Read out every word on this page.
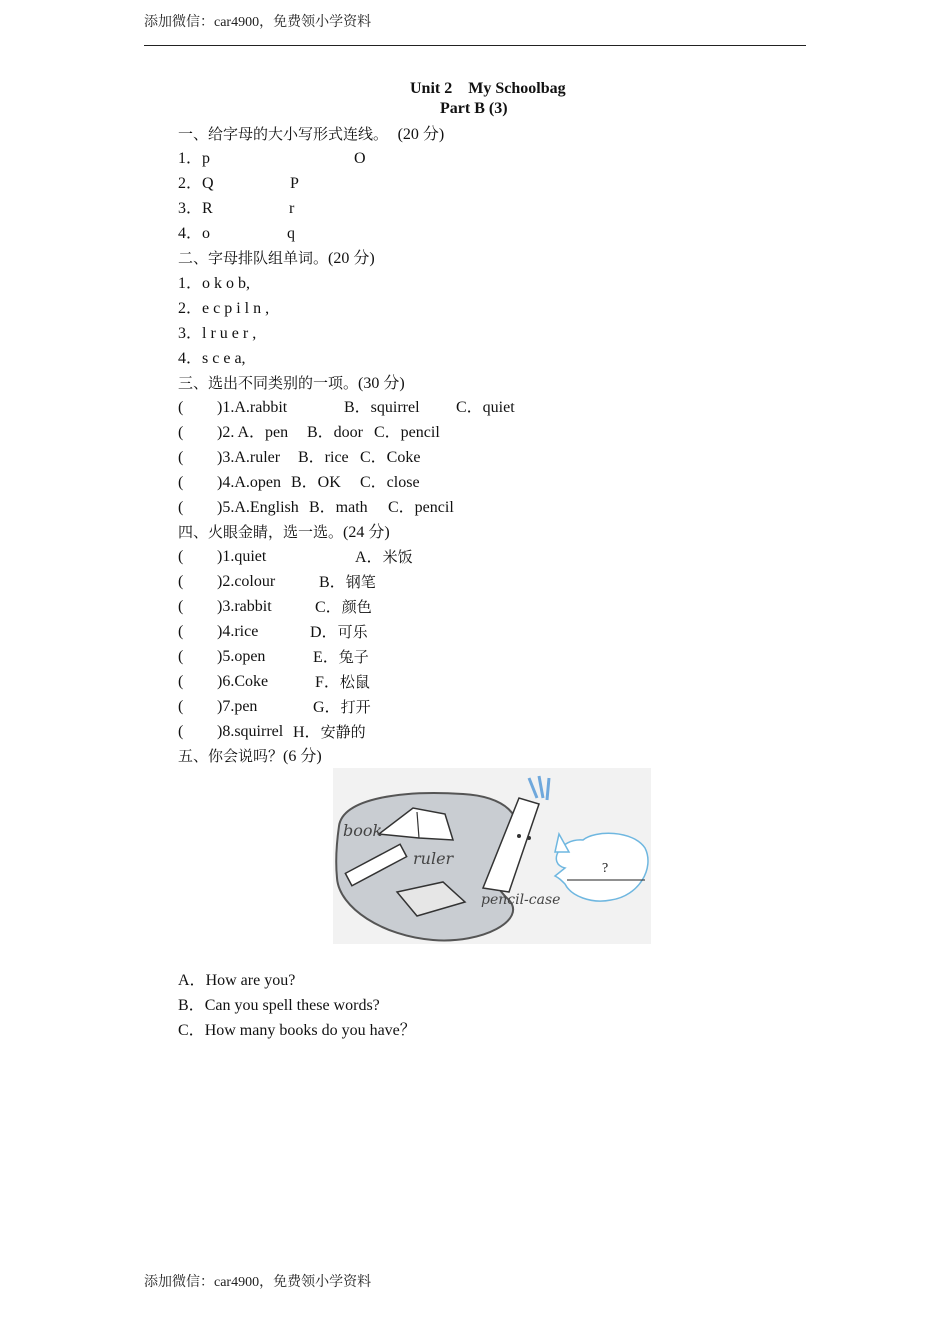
添加微信：car4900，免费领小学资料
添加微信：car4900，免费领小学资料
Unit 2　 My Schoolbag
Part B (3)
一、给字母的大小写形式连线。 (20 分)
1．p	O
2．Q	P
3．R	r
4．o	q
二、字母排队组单词。(20 分)
1．o k o b,
2．e c p i l n ,
3．l r u e r ,
4．s c e a,
三、选出不同类别的一项。(30 分)
( )1.A.rabbit	B．squirrel C．quiet
( )2. A．pen B．door C．pencil
( )3.A.ruler B．rice C．Coke
( )4.A.open B．OK C．close
( )5.A.English B．math C．pencil
四、火眼金睛，选一选。(24 分)
( )1.quiet	A．米饭
( )2.colour	B．钢笔
( )3.rabbit	C．颜色
( )4.rice	D．可乐
( )5.open	E．兔子
( )6.Coke	F．松鼠
( )7.pen	G．打开
( )8.squirrel H．安静的
五、你会说吗？(6 分)
book
ruler
pencil-case
?
A．How are you?
B．Can you spell these words?
C．How many books do you have？
